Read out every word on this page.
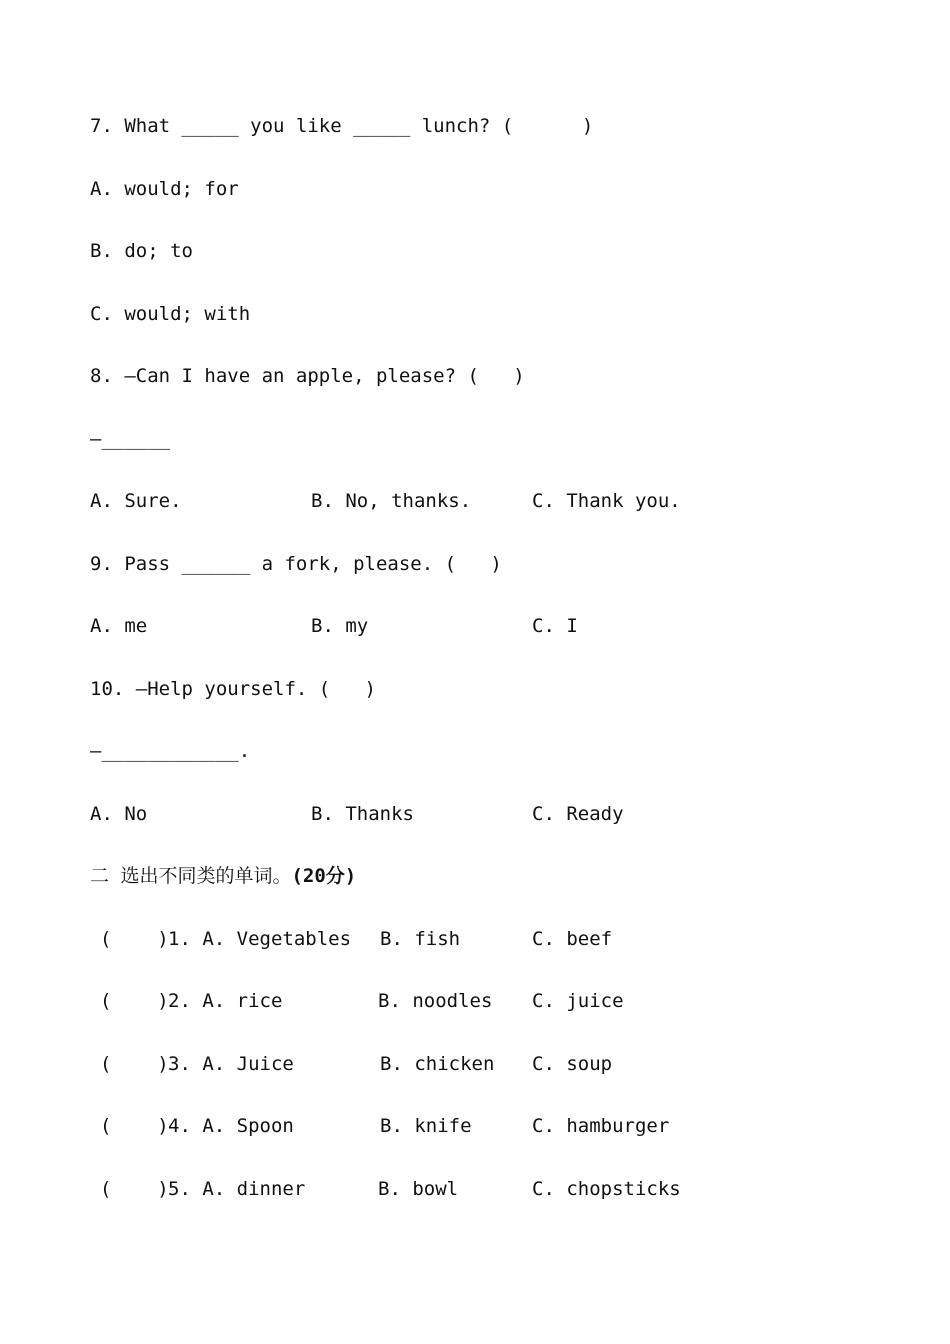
7. What _____ you like _____ lunch? (      )
A. would; for
B. do; to
C. would; with
8. —Can I have an apple, please? (   )
—______

A. Sure.

	B. No, thanks.

	C. Thank you.

9. Pass ______ a fork, please. (   )

A. me

	B. my

	C. I

10. —Help yourself. (   )
—____________.

A. No

	B. Thanks

	C. Ready

二 选出不同类的单词。(20分)

(    )

1. A. Vegetables

B. fish

	C. beef

(    )

2. A. rice

	B. noodles

C. juice

(    )

3. A. Juice

	B. chicken

C. soup

(    )

4. A. Spoon

	B. knife

	C. hamburger

(    )

5. A. dinner

	B. bowl

	C. chopsticks
